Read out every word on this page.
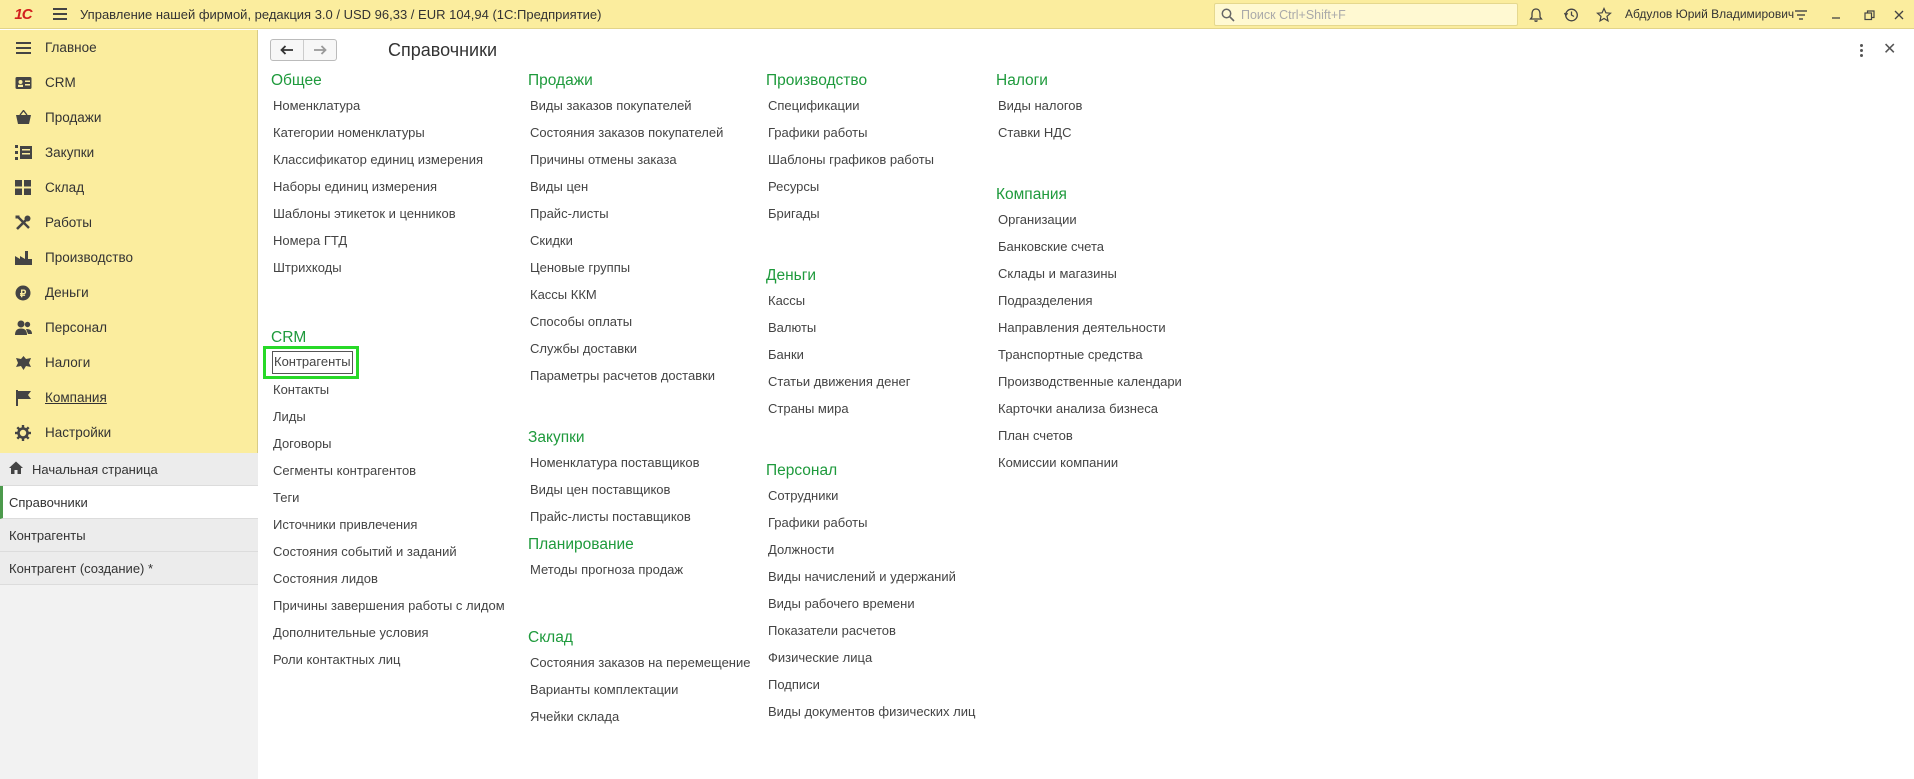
1С	Управление нашей фирмой, редакция 3.0 / USD 96,33 / EUR 104,94 (1С:Предприятие)	Поиск Ctrl+Shift+F	Абдулов Юрий Владимирович
Главное
CRM
Продажи
Закупки
Склад
Работы
Производство
₽ Деньги
Персонал
Налоги
Компания
Настройки
Начальная страница
Справочники
Контрагенты
Контрагент (создание) *
Справочники	✕
Общее
Номенклатура
Категории номенклатуры
Классификатор единиц измерения
Наборы единиц измерения
Шаблоны этикеток и ценников
Номера ГТД
Штрихкоды
CRM
Контрагенты
Контакты
Лиды
Договоры
Сегменты контрагентов
Теги
Источники привлечения
Состояния событий и заданий
Состояния лидов
Причины завершения работы с лидом
Дополнительные условия
Роли контактных лиц
Продажи
Виды заказов покупателей
Состояния заказов покупателей
Причины отмены заказа
Виды цен
Прайс-листы
Скидки
Ценовые группы
Кассы ККМ
Способы оплаты
Службы доставки
Параметры расчетов доставки
Закупки
Номенклатура поставщиков
Виды цен поставщиков
Прайс-листы поставщиков
Планирование
Методы прогноза продаж
Склад
Состояния заказов на перемещение
Варианты комплектации
Ячейки склада
Производство
Спецификации
Графики работы
Шаблоны графиков работы
Ресурсы
Бригады
Деньги
Кассы
Валюты
Банки
Статьи движения денег
Страны мира
Персонал
Сотрудники
Графики работы
Должности
Виды начислений и удержаний
Виды рабочего времени
Показатели расчетов
Физические лица
Подписи
Виды документов физических лиц
Налоги
Виды налогов
Ставки НДС
Компания
Организации
Банковские счета
Склады и магазины
Подразделения
Направления деятельности
Транспортные средства
Производственные календари
Карточки анализа бизнеса
План счетов
Комиссии компании
